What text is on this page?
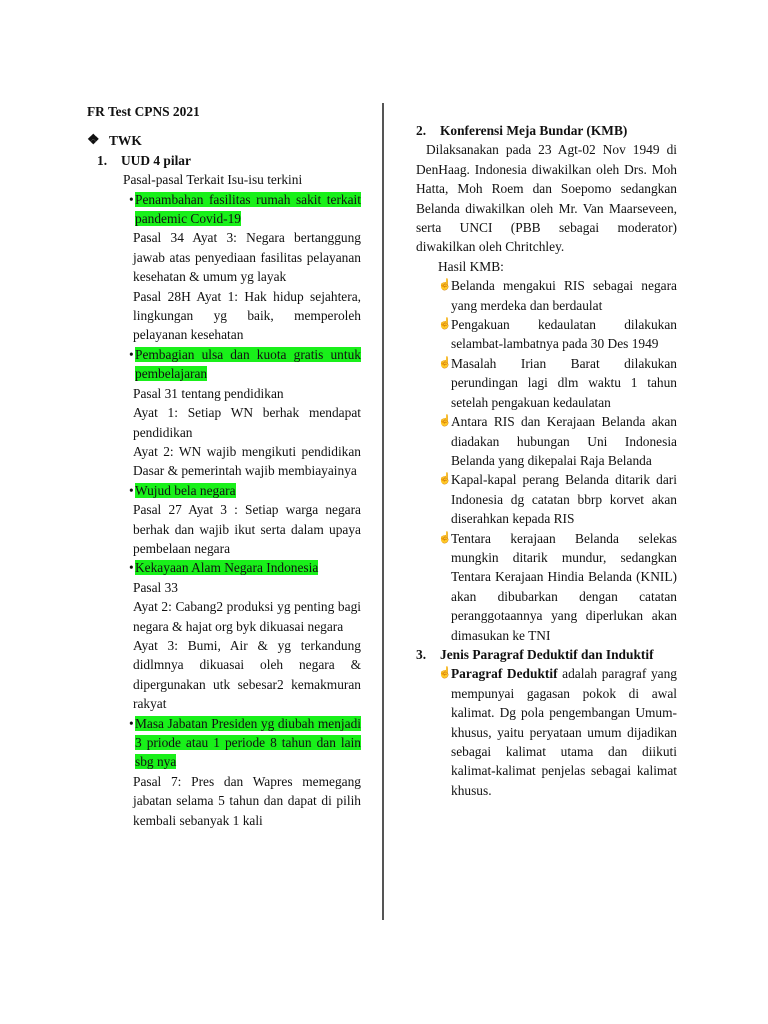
FR Test CPNS 2021
❖ TWK
1.	UUD 4 pilar
Pasal-pasal Terkait Isu-isu terkini
•
Penambahan fasilitas rumah sakit terkait pandemic Covid-19
Pasal 34 Ayat 3: Negara bertanggung jawab atas penyediaan fasilitas pelayanan kesehatan & umum yg layak
Pasal 28H Ayat 1: Hak hidup sejahtera, lingkungan yg baik, memperoleh pelayanan kesehatan
•
Pembagian ulsa dan kuota gratis untuk pembelajaran
Pasal 31 tentang pendidikan
Ayat 1: Setiap WN berhak mendapat pendidikan
Ayat 2: WN wajib mengikuti pendidikan Dasar & pemerintah wajib membiayainya
•
Wujud bela negara
Pasal 27 Ayat 3 : Setiap warga negara berhak dan wajib ikut serta dalam upaya pembelaan negara
•
Kekayaan Alam Negara Indonesia
Pasal 33
Ayat 2: Cabang2 produksi yg penting bagi negara & hajat org byk dikuasai negara
Ayat 3: Bumi, Air & yg terkandung didlmnya dikuasai oleh negara & dipergunakan utk sebesar2 kemakmuran rakyat
•
Masa Jabatan Presiden yg diubah menjadi 3 priode atau 1 periode 8 tahun dan lain sbg nya
Pasal 7: Pres dan Wapres memegang jabatan selama 5 tahun dan dapat di pilih kembali sebanyak 1 kali
2.	Konferensi Meja Bundar (KMB)
Dilaksanakan pada 23 Agt-02 Nov 1949 di DenHaag. Indonesia diwakilkan oleh Drs. Moh Hatta, Moh Roem dan Soepomo sedangkan Belanda diwakilkan oleh Mr. Van Maarseveen, serta UNCI (PBB sebagai moderator) diwakilkan oleh Chritchley.
Hasil KMB:
☝ Belanda mengakui RIS sebagai negara yang merdeka dan berdaulat
☝ Pengakuan kedaulatan dilakukan selambat-lambatnya pada 30 Des 1949
☝ Masalah Irian Barat dilakukan perundingan lagi dlm waktu 1 tahun setelah pengakuan kedaulatan
☝ Antara RIS dan Kerajaan Belanda akan diadakan hubungan Uni Indonesia Belanda yang dikepalai Raja Belanda
☝ Kapal-kapal perang Belanda ditarik dari Indonesia dg catatan bbrp korvet akan diserahkan kepada RIS
☝ Tentara kerajaan Belanda selekas mungkin ditarik mundur, sedangkan Tentara Kerajaan Hindia Belanda (KNIL) akan dibubarkan dengan catatan peranggotaannya yang diperlukan akan dimasukan ke TNI
3.	Jenis Paragraf Deduktif dan Induktif
☝ Paragraf Deduktif adalah paragraf yang mempunyai gagasan pokok di awal kalimat. Dg pola pengembangan Umum-khusus, yaitu peryataan umum dijadikan sebagai kalimat utama dan diikuti kalimat-kalimat penjelas sebagai kalimat khusus.
